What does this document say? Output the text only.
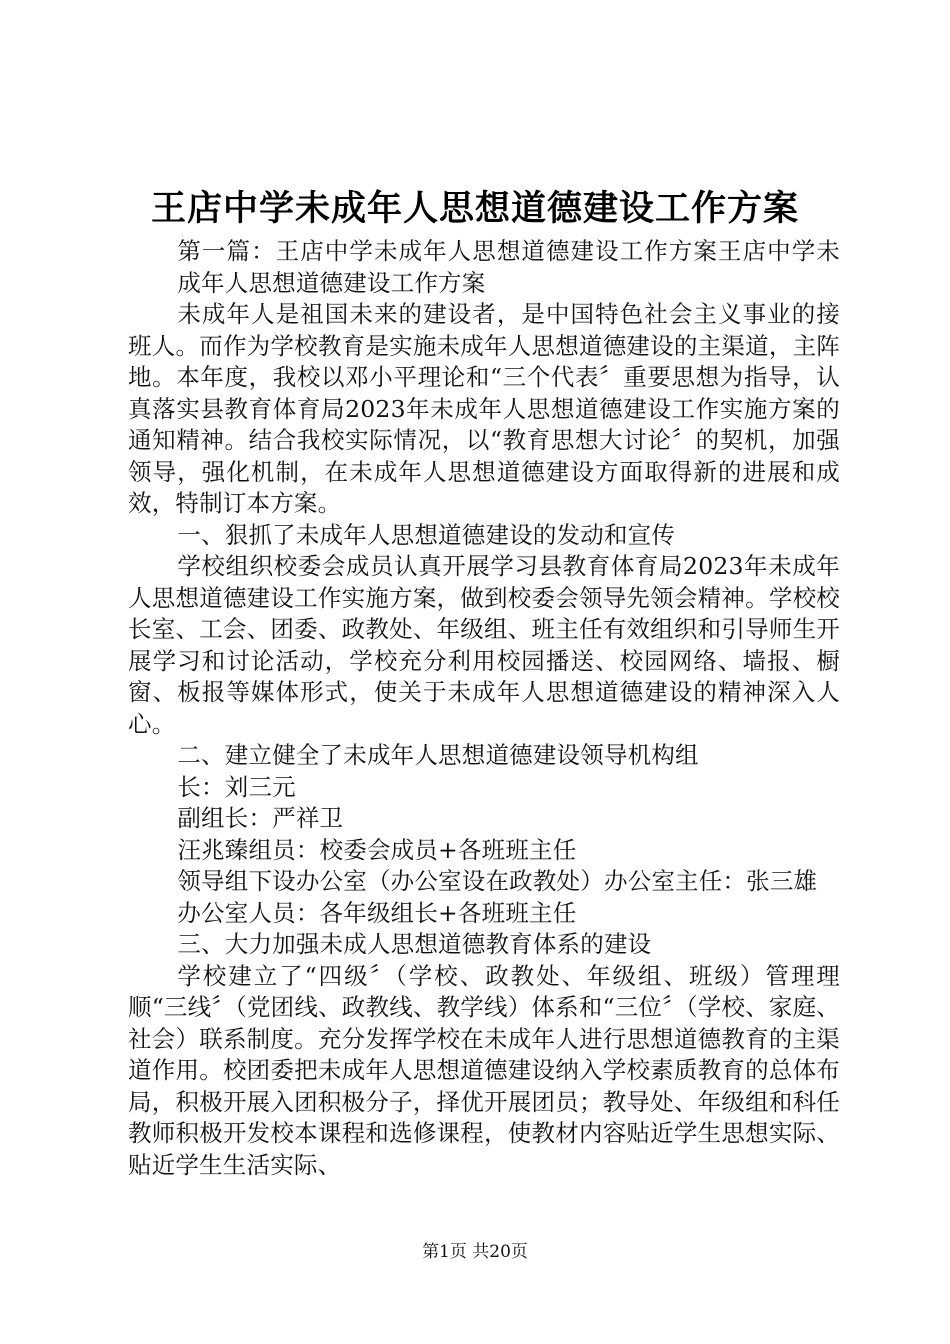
王店中学未成年人思想道德建设工作方案

第一篇：王店中学未成年人思想道德建设工作方案王店中学未成年人思想道德建设工作方案

未成年人是祖国未来的建设者，是中国特色社会主义事业的接班人。而作为学校教育是实施未成年人思想道德建设的主渠道，主阵地。本年度，我校以邓小平理论和“三个代表〞重要思想为指导，认真落实县教育体育局2023年未成年人思想道德建设工作实施方案的通知精神。结合我校实际情况，以“教育思想大讨论〞的契机，加强领导，强化机制，在未成年人思想道德建设方面取得新的进展和成效，特制订本方案。

一、狠抓了未成年人思想道德建设的发动和宣传

学校组织校委会成员认真开展学习县教育体育局2023年未成年人思想道德建设工作实施方案，做到校委会领导先领会精神。学校校长室、工会、团委、政教处、年级组、班主任有效组织和引导师生开展学习和讨论活动，学校充分利用校园播送、校园网络、墙报、橱窗、板报等媒体形式，使关于未成年人思想道德建设的精神深入人心。

二、建立健全了未成年人思想道德建设领导机构组

长：刘三元

副组长：严祥卫

汪兆臻组员：校委会成员+各班班主任

领导组下设办公室（办公室设在政教处）办公室主任：张三雄

办公室人员：各年级组长+各班班主任

三、大力加强未成人思想道德教育体系的建设

学校建立了“四级〞（学校、政教处、年级组、班级）管理理顺“三线〞（党团线、政教线、教学线）体系和“三位〞（学校、家庭、社会）联系制度。充分发挥学校在未成年人进行思想道德教育的主渠道作用。校团委把未成年人思想道德建设纳入学校素质教育的总体布局，积极开展入团积极分子，择优开展团员；教导处、年级组和科任教师积极开发校本课程和选修课程，使教材内容贴近学生思想实际、贴近学生生活实际、

第1页 共20页
